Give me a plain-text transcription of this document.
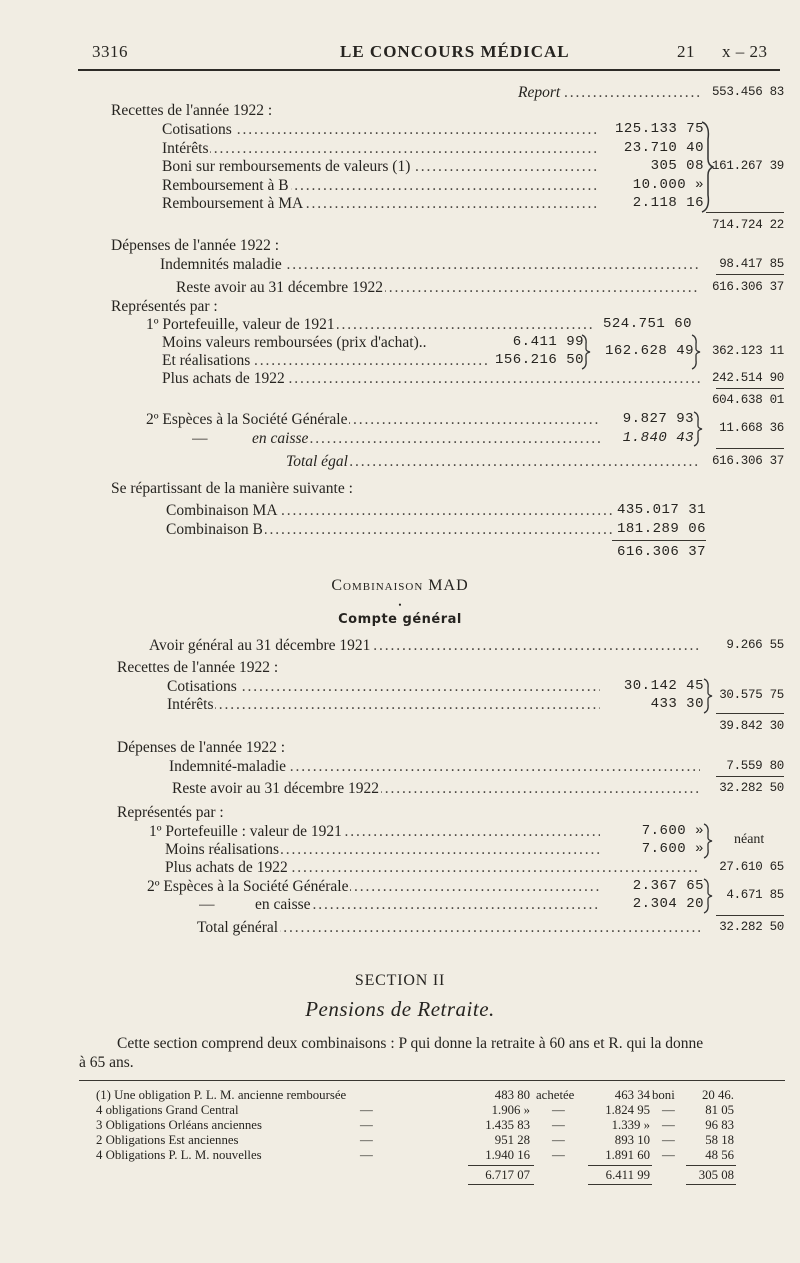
3316	LE CONCOURS MÉDICAL	21 x – 23
. . .
Report	553.456 83
Recettes de l'année 1922 :
. . .
Cotisations	125.133 75
. . .
Intérêts	23.710 40
. . .
Boni sur remboursements de valeurs (1)	305 08
. . .
Remboursement à B	10.000 »
. . .
Remboursement à MA	2.118 16
161.267 39
714.724 22
Dépenses de l'année 1922 :
. . .
Indemnités maladie	98.417 85
. . .
Reste avoir au 31 décembre 1922	616.306 37
Représentés par :
. . .
1º Portefeuille, valeur de 1921	524.751 60
Moins valeurs remboursées (prix d'achat)..	6.411 99
. . .
Et réalisations	156.216 50
162.628 49	362.123 11
. . .
Plus achats de 1922	242.514 90
604.638 01
. . .
2º Espèces à la Société Générale	9.827 93
— . . .	en caisse	1.840 43
11.668 36
. . .
Total égal	616.306 37
Se répartissant de la manière suivante :
. . .
Combinaison MA	435.017 31
. . .
Combinaison B	181.289 06
616.306 37
Combinaison MAD
•
Compte général
. . .
Avoir général au 31 décembre 1921	9.266 55
Recettes de l'année 1922 :
. . .
Cotisations	30.142 45
. . .
Intérêts	433 30
30.575 75
39.842 30
Dépenses de l'année 1922 :
. . .
Indemnité-maladie	7.559 80
. . .
Reste avoir au 31 décembre 1922	32.282 50
Représentés par :
. . .
1º Portefeuille : valeur de 1921	7.600 »
. . .
Moins réalisations	7.600 »
néant
. . .
Plus achats de 1922	27.610 65
. . .
2º Espèces à la Société Générale	2.367 65
— . . .	en caisse	2.304 20
4.671 85
. . .
Total général	32.282 50
SECTION II
Pensions de Retraite.
Cette section comprend deux combinaisons : P qui donne la retraite à 60 ans et R. qui la donne
à 65 ans.
(1) Une obligation P. L. M. ancienne remboursée	483 80 achetée	463 34 boni	20 46.
4 obligations Grand Central	—	1.906 » —	1.824 95 —	81 05
3 Obligations Orléans anciennes	—	1.435 83 —	1.339 » —	96 83
2 Obligations Est anciennes	—	951 28 —	893 10 —	58 18
4 Obligations P. L. M. nouvelles	—	1.940 16 —	1.891 60 —	48 56
6.717 07	6.411 99	305 08
